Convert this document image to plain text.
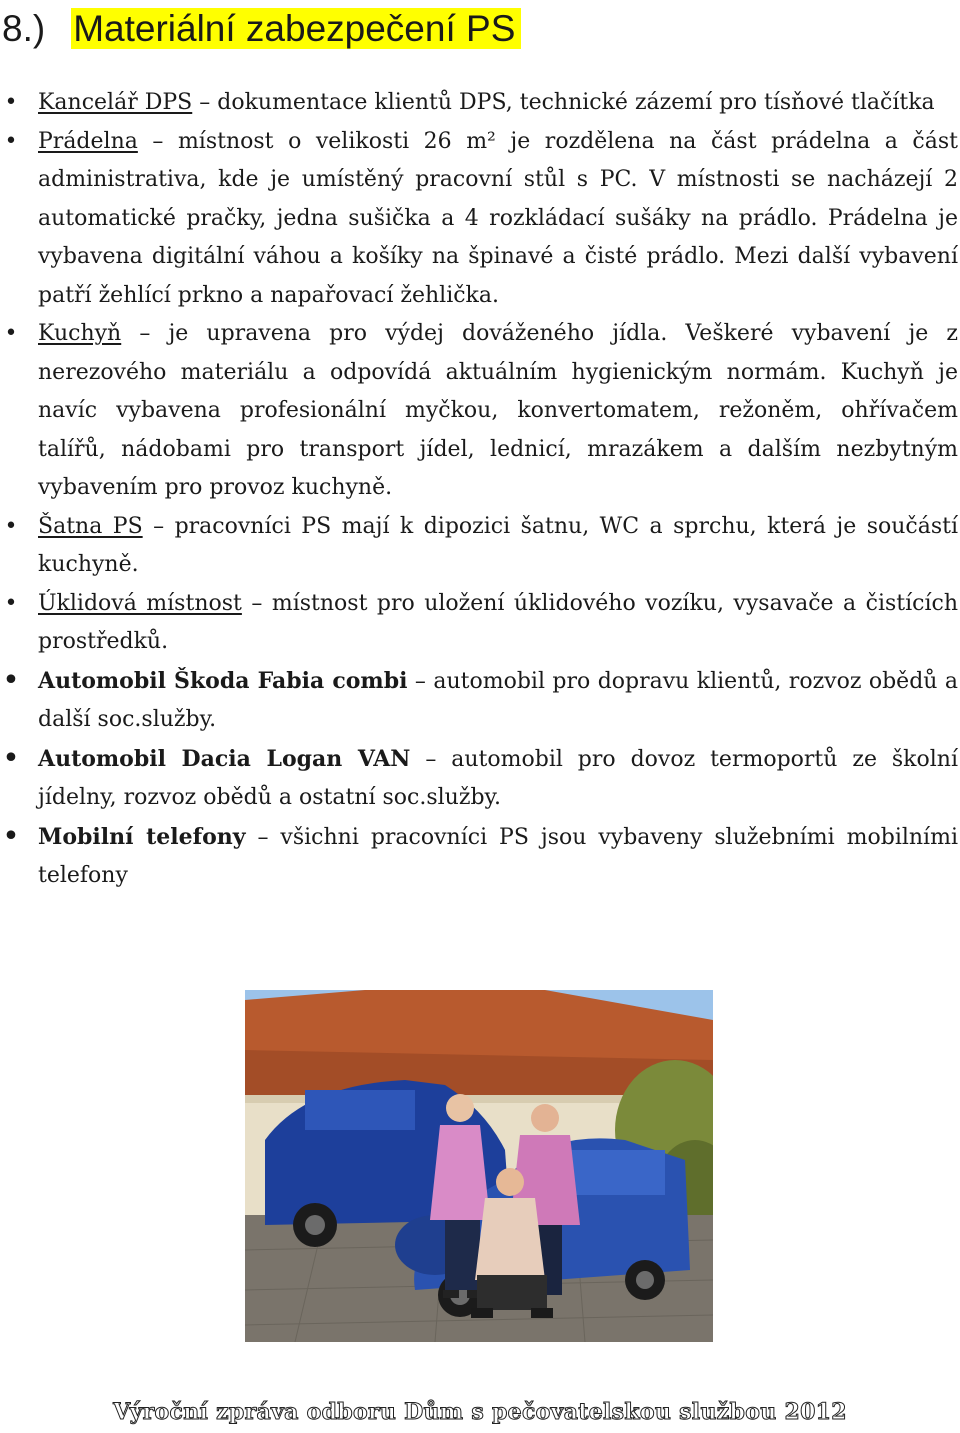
8.) Materiální zabezpečení PS
• Kancelář DPS – dokumentace klientů DPS, technické zázemí pro tísňové tlačítka
• Prádelna – místnost o velikosti 26 m² je rozdělena na část prádelna a část administrativa, kde je umístěný pracovní stůl s PC. V místnosti se nacházejí 2 automatické pračky, jedna sušička a 4 rozkládací sušáky na prádlo. Prádelna je vybavena digitální váhou a košíky na špinavé a čisté prádlo. Mezi další vybavení patří žehlící prkno a napařovací žehlička.
• Kuchyň – je upravena pro výdej dováženého jídla. Veškeré vybavení je z nerezového materiálu a odpovídá aktuálním hygienickým normám. Kuchyň je navíc vybavena profesionální myčkou, konvertomatem, režoněm, ohřívačem talířů, nádobami pro transport jídel, lednicí, mrazákem a dalším nezbytným vybavením pro provoz kuchyně.
• Šatna PS – pracovníci PS mají k dipozici šatnu, WC a sprchu, která je součástí kuchyně.
• Úklidová místnost – místnost pro uložení úklidového vozíku, vysavače a čistících prostředků.
• Automobil Škoda Fabia combi – automobil pro dopravu klientů, rozvoz obědů a další soc.služby.
• Automobil Dacia Logan VAN – automobil pro dovoz termoportů ze školní jídelny, rozvoz obědů a ostatní soc.služby.
• Mobilní telefony – všichni pracovníci PS jsou vybaveny služebními mobilními telefony
Výroční zpráva odboru Dům s pečovatelskou službou 2012
